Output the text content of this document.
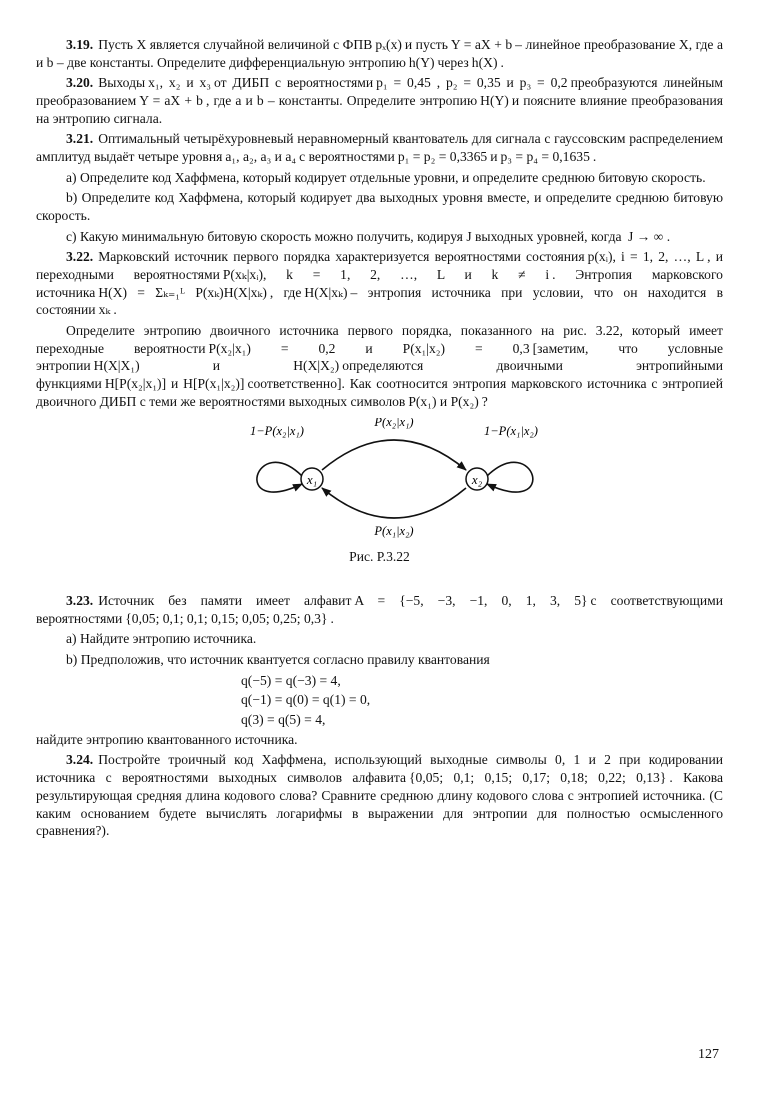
3.19. Пусть X является случайной величиной с ФПВ pₓ(x) и пусть Y = aX + b – линейное преобразование X, где a и b – две константы. Определите дифференциальную энтропию h(Y) через h(X) .

3.20. Выходы x₁, x₂ и x₃ от ДИБП с вероятностями p₁ = 0,45 , p₂ = 0,35 и p₃ = 0,2 преобразуются линейным преобразованием Y = aX + b , где a и b – константы. Определите энтропию H(Y) и поясните влияние преобразования на энтропию сигнала.

3.21. Оптимальный четырёхуровневый неравномерный квантователь для сигнала с гауссовским распределением амплитуд выдаёт четыре уровня a₁, a₂, a₃ и a₄ с вероятностями p₁ = p₂ = 0,3365 и p₃ = p₄ = 0,1635 .

a) Определите код Хаффмена, который кодирует отдельные уровни, и определите среднюю битовую скорость.

b) Определите код Хаффмена, который кодирует два выходных уровня вместе, и определите среднюю битовую скорость.

c) Какую минимальную битовую скорость можно получить, кодируя J выходных уровней, когда J → ∞ .

3.22. Марковский источник первого порядка характеризуется вероятностями состояния p(xᵢ), i = 1, 2, …, L , и переходными вероятностями P(xₖ|xᵢ), k = 1, 2, …, L и k ≠ i . Энтропия марковского источника H(X) = Σₖ₌₁ᴸ P(xₖ)H(X|xₖ) , где H(X|xₖ) – энтропия источника при условии, что он находится в состоянии xₖ .

Определите энтропию двоичного источника первого порядка, показанного на рис. 3.22, который имеет переходные вероятности P(x₂|x₁) = 0,2 и P(x₁|x₂) = 0,3 [заметим, что условные энтропии H(X|X₁) и H(X|X₂) определяются двоичными энтропийными функциями H[P(x₂|x₁)] и H[P(x₁|x₂)] соответственно]. Как соотносится энтропия марковского источника с энтропией двоичного ДИБП с теми же вероятностями выходных символов P(x₁) и P(x₂) ?

x₁	x₂
1−P(x₂|x₁)	1−P(x₁|x₂)
P(x₂|x₁)
P(x₁|x₂)

Рис. Р.3.22

3.23. Источник без памяти имеет алфавит A = {−5, −3, −1, 0, 1, 3, 5} с соответствующими вероятностями {0,05; 0,1; 0,1; 0,15; 0,05; 0,25; 0,3} .

a) Найдите энтропию источника.

b) Предположив, что источник квантуется согласно правилу квантования

q(−5) = q(−3) = 4,
q(−1) = q(0) = q(1) = 0,
q(3) = q(5) = 4,

найдите энтропию квантованного источника.

3.24. Постройте троичный код Хаффмена, использующий выходные символы 0, 1 и 2 при кодировании источника с вероятностями выходных символов алфавита {0,05; 0,1; 0,15; 0,17; 0,18; 0,22; 0,13} . Какова результирующая средняя длина кодового слова? Сравните среднюю длину кодового слова с энтропией источника. (С каким основанием будете вычислять логарифмы в выражении для энтропии для полностью осмысленного сравнения?).

127
